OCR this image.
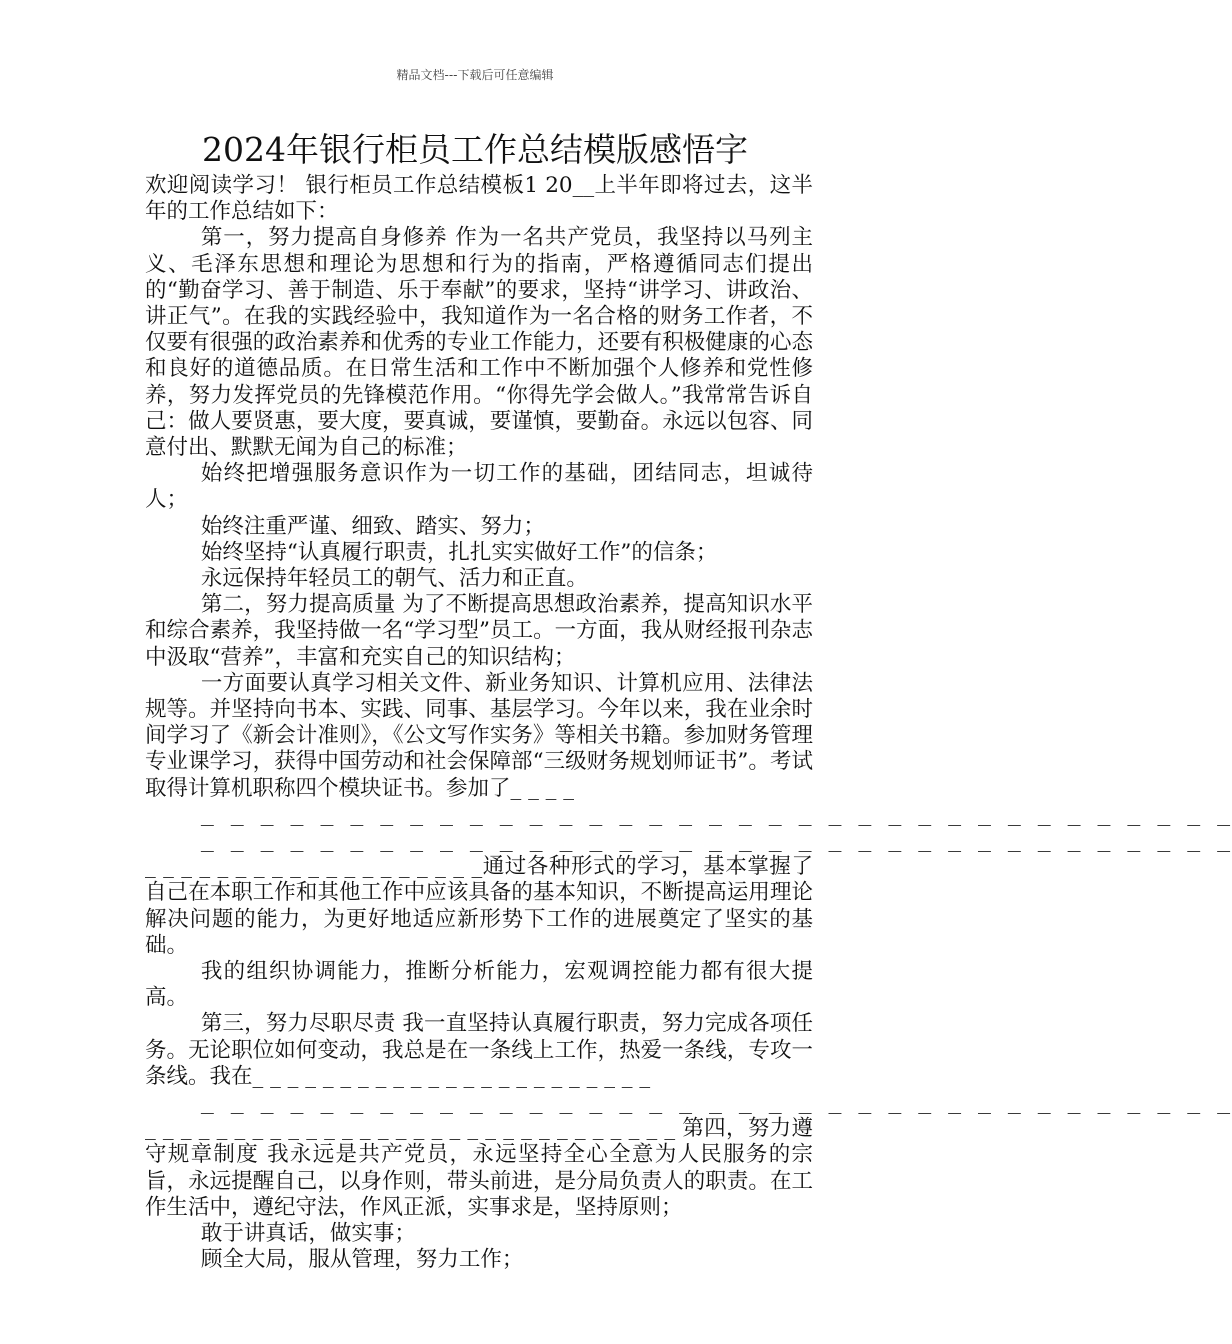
精品文档---下载后可任意编辑
2024年银行柜员工作总结模版感悟字

欢迎阅读学习！ 银行柜员工作总结模板1 20__上半年即将过去，这半年的工作总结如下：

第一，努力提高自身修养 作为一名共产党员，我坚持以马列主义、毛泽东思想和理论为思想和行为的指南，严格遵循同志们提出的“勤奋学习、善于制造、乐于奉献”的要求，坚持“讲学习、讲政治、讲正气”。在我的实践经验中，我知道作为一名合格的财务工作者，不仅要有很强的政治素养和优秀的专业工作能力，还要有积极健康的心态和良好的道德品质。在日常生活和工作中不断加强个人修养和党性修养，努力发挥党员的先锋模范作用。“你得先学会做人。”我常常告诉自己：做人要贤惠，要大度，要真诚，要谨慎，要勤奋。永远以包容、同意付出、默默无闻为自己的标准；

始终把增强服务意识作为一切工作的基础，团结同志，坦诚待人；

始终注重严谨、细致、踏实、努力；

始终坚持“认真履行职责，扎扎实实做好工作”的信条；

永远保持年轻员工的朝气、活力和正直。

第二，努力提高质量 为了不断提高思想政治素养，提高知识水平和综合素养，我坚持做一名“学习型”员工。一方面，我从财经报刊杂志中汲取“营养”，丰富和充实自己的知识结构；

一方面要认真学习相关文件、新业务知识、计算机应用、法律法规等。并坚持向书本、实践、同事、基层学习。今年以来，我在业余时间学习了《新会计准则》，《公文写作实务》等相关书籍。参加财务管理专业课学习，获得中国劳动和社会保障部“三级财务规划师证书”。考试取得计算机职称四个模块证书。参加了_ _ _ _
_ _ _ _ _ _ _ _ _ _ _ _ _ _ _ _ _ _ _ _ _ _ _ _ _ _ _ _ _ _ _ _ _ _ _
_ _ _ _ _ _ _ _ _ _ _ _ _ _ _ _ _ _ _ _ _ _ _ _ _ _ _ _ _ _ _ _ _ _ _
_ _ _ _ _ _ _ _ _ _ _ _ _ _ _ _ _ _ _通过各种形式的学习，基本掌握了自己在本职工作和其他工作中应该具备的基本知识，不断提高运用理论解决问题的能力，为更好地适应新形势下工作的进展奠定了坚实的基础。

我的组织协调能力，推断分析能力，宏观调控能力都有很大提高。

第三，努力尽职尽责 我一直坚持认真履行职责，努力完成各项任务。无论职位如何变动，我总是在一条线上工作，热爱一条线，专攻一条线。我在_ _ _ _ _ _ _ _ _ _ _ _ _ _ _ _ _ _ _ _ _ _ _
_ _ _ _ _ _ _ _ _ _ _ _ _ _ _ _ _ _ _ _ _ _ _ _ _ _ _ _ _ _ _ _ _ _ _
_ _ _ _ _ _ _ _ _ _ _ _ _ _ _ _ _ _ _ _ _ _ _ _ _ _ _ _ _ _ 第四，努力遵守规章制度 我永远是共产党员，永远坚持全心全意为人民服务的宗旨，永远提醒自己，以身作则，带头前进，是分局负责人的职责。在工作生活中，遵纪守法，作风正派，实事求是，坚持原则；

敢于讲真话，做实事；

顾全大局，服从管理，努力工作；
